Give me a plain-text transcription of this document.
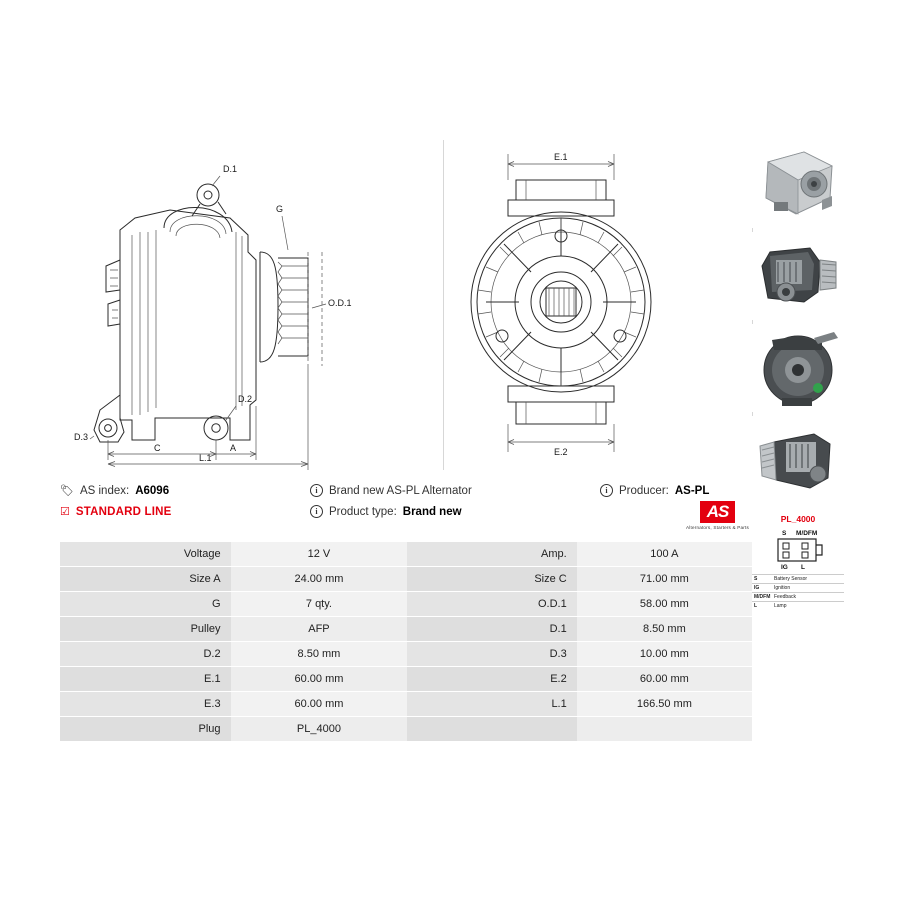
G
D.1
O.D.1
D.2
D.3
C	A
L.1
E.1
E.2
🏷 AS index: A6096
☑ STANDARD LINE
i Brand new AS-PL Alternator
i Product type: Brand new
i Producer: AS-PL
AS
Alternators, Starters & Parts
Voltage	12 V	Amp.	100 A
Size A	24.00 mm	Size C	71.00 mm
G	7 qty.	O.D.1	58.00 mm
Pulley	AFP	D.1	8.50 mm
D.2	8.50 mm	D.3	10.00 mm
E.1	60.00 mm	E.2	60.00 mm
E.3	60.00 mm	L.1	166.50 mm
Plug	PL_4000		
PL_4000
S M/DFM
IG L
S	Battery Sensor
IG	Ignition
M/DFM Feedback
L	Lamp
